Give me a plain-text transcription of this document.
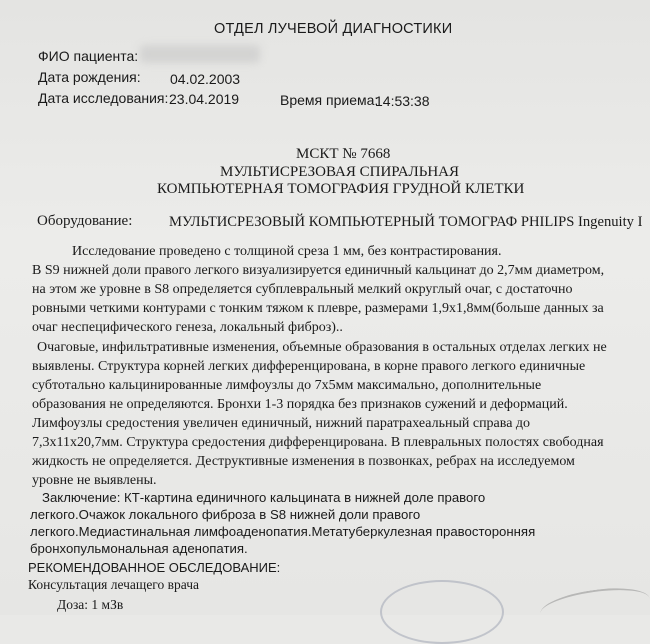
ОТДЕЛ ЛУЧЕВОЙ ДИАГНОСТИКИ
ФИО пациента:
Дата рождения: 04.02.2003
Дата исследования: 23.04.2019	Время приема:
14:53:38
МСКТ № 7668
МУЛЬТИСРЕЗОВАЯ СПИРАЛЬНАЯ
КОМПЬЮТЕРНАЯ ТОМОГРАФИЯ ГРУДНОЙ КЛЕТКИ
Оборудование:	МУЛЬТИСРЕЗОВЫЙ КОМПЬЮТЕРНЫЙ ТОМОГРАФ PHILIPS Ingenuity I
Исследование проведено с толщиной среза 1 мм, без контрастирования.
В S9 нижней доли правого легкого визуализируется единичный кальцинат до 2,7мм диаметром,
на этом же уровне в S8 определяется субплевральный мелкий округлый очаг, с достаточно
ровными четкими контурами с тонким тяжом к плевре, размерами 1,9х1,8мм(больше данных за
очаг неспецифического генеза, локальный фиброз)..
Очаговые, инфильтративные изменения, объемные образования в остальных отделах легких не
выявлены. Структура корней легких дифференцирована, в корне правого легкого единичные
субтотально кальцинированные лимфоузлы до 7х5мм максимально, дополнительные
образования не определяются. Бронхи 1-3 порядка без признаков сужений и деформаций.
Лимфоузлы средостения увеличен единичный, нижний паратрахеальный справа до
7,3х11х20,7мм. Структура средостения дифференцирована. В плевральных полостях свободная
жидкость не определяется. Деструктивные изменения в позвонках, ребрах на исследуемом
уровне не выявлены.
Заключение: КТ-картина единичного кальцината в нижней доле правого
легкого.Очажок локального фиброза в S8 нижней доли правого
легкого.Медиастинальная лимфоаденопатия.Метатуберкулезная правосторонняя
бронхопульмональная аденопатия.
РЕКОМЕНДОВАННОЕ ОБСЛЕДОВАНИЕ:
Консультация лечащего врача
Доза: 1 мЗв
